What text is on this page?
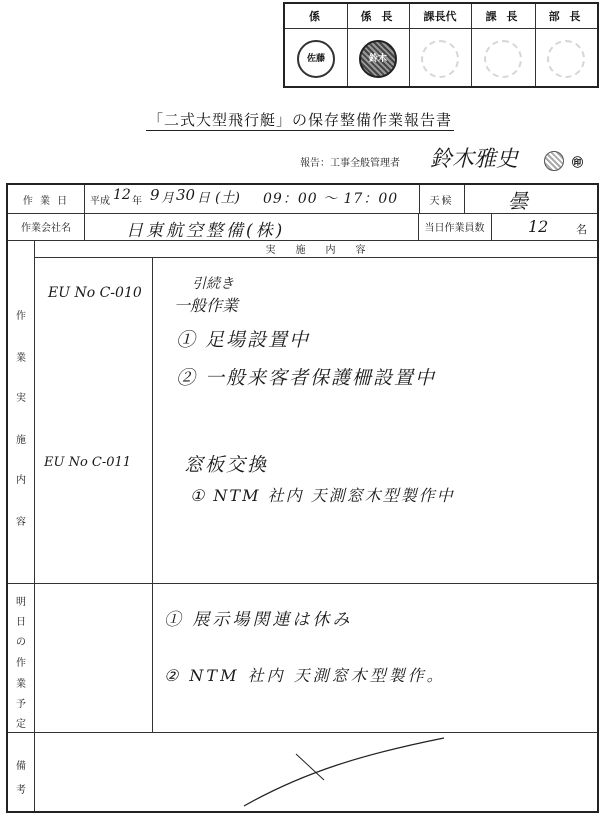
係	係 長	課長代	課 長	部 長
佐藤	鈴木
「二式大型飛行艇」の保存整備作業報告書
報告：工事全般管理者 鈴木雅史	㊞
作 業 日	平成 12 年 9 月 30 日 (土) 09：00 〜 17：00	天候	曇
作業会社名	日東航空整備(株)	当日作業員数	12	名
実　　施　　内　　容
作
業
実
施
内
容
EU No C-010
引続き
一般作業
① 足場設置中
② 一般来客者保護柵設置中
EU No C-011	窓板交換
① NTM 社内 天測窓木型製作中
明
日
の
作
業
予
定
① 展示場関連は休み
② NTM 社内 天測窓木型製作。
備
考
